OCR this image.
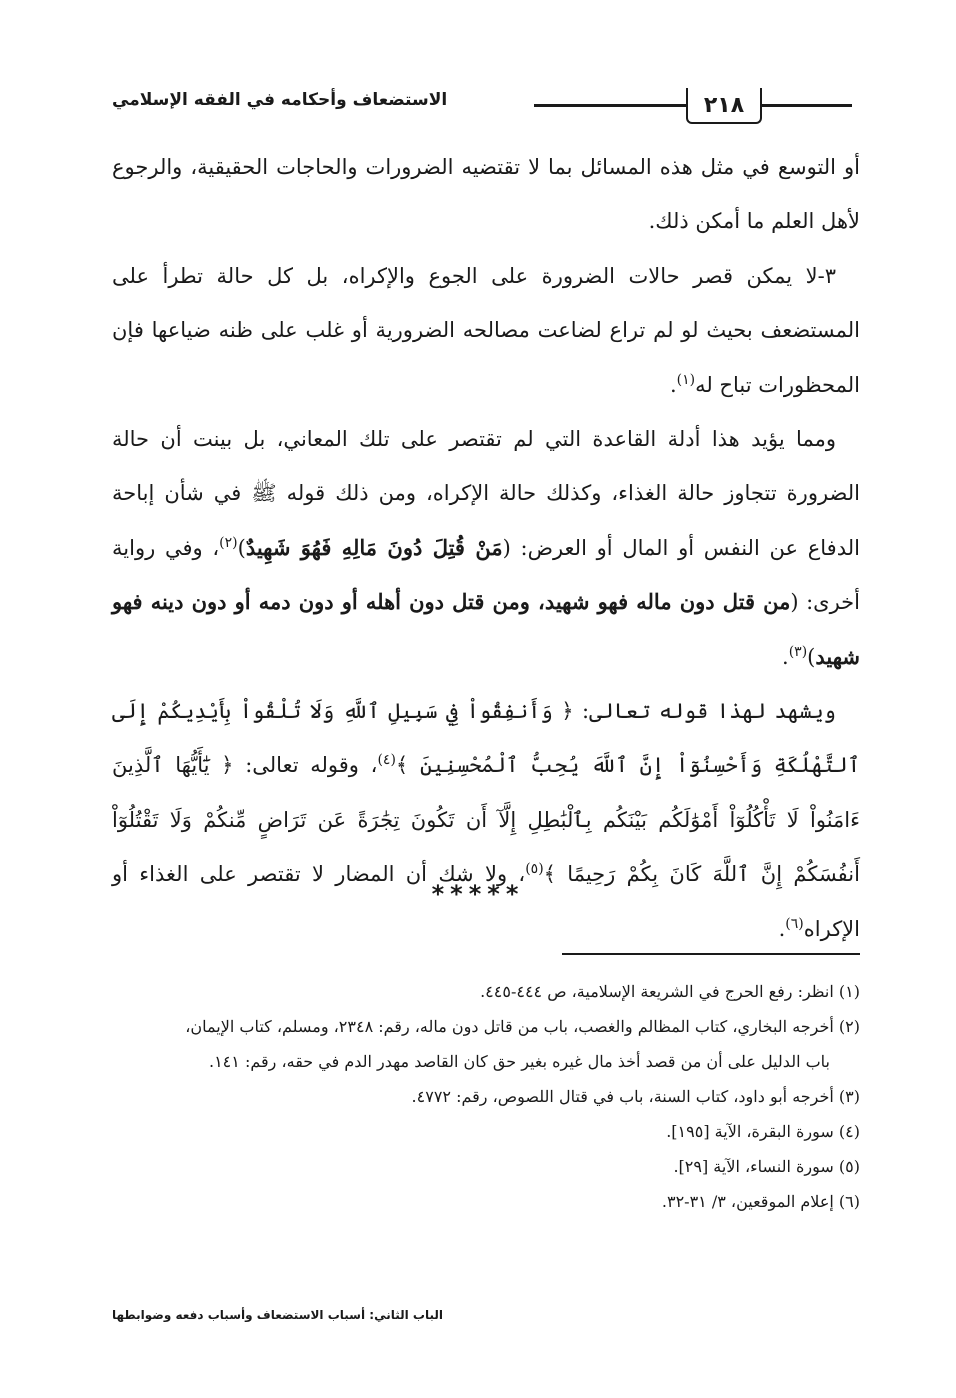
٢١٨
الاستضعاف وأحكامه في الفقه الإسلامي

أو التوسع في مثل هذه المسائل بما لا تقتضيه الضرورات والحاجات الحقيقية، والرجوع لأهل العلم ما أمكن ذلك.

٣-لا يمكن قصر حالات الضرورة على الجوع والإكراه، بل كل حالة تطرأ على المستضعف بحيث لو لم تراع لضاعت مصالحه الضرورية أو غلب على ظنه ضياعها فإن المحظورات تباح له$^{(١)}$.

ومما يؤيد هذا أدلة القاعدة التي لم تقتصر على تلك المعاني، بل بينت أن حالة الضرورة تتجاوز حالة الغذاء، وكذلك حالة الإكراه، ومن ذلك قوله ﷺ في شأن إباحة الدفاع عن النفس أو المال أو العرض: (مَنْ قُتِلَ دُونَ مَالِهِ فَهُوَ شَهِيدٌ)$^{(٢)}$، وفي رواية أخرى: (من قتل دون ماله فهو شهيد، ومن قتل دون أهله أو دون دمه أو دون دينه فهو شهيد)$^{(٣)}$.

ويشهد لهذا قوله تعالى: ﴿ وَأَنفِقُواْ فِي سَبِيلِ ٱللَّهِ وَلَا تُلْقُواْ بِأَيْدِيكُمْ إِلَى ٱلتَّهْلُكَةِ وَأَحْسِنُوٓاْ إِنَّ ٱللَّهَ يُحِبُّ ٱلْمُحْسِنِينَ ﴾$^{(٤)}$، وقوله تعالى: ﴿ يَٰٓأَيُّهَا ٱلَّذِينَ ءَامَنُواْ لَا تَأْكُلُوٓاْ أَمْوَٰلَكُم بَيْنَكُم بِٱلْبَٰطِلِ إِلَّآ أَن تَكُونَ تِجَٰرَةً عَن تَرَاضٍ مِّنكُمْ وَلَا تَقْتُلُوٓاْ أَنفُسَكُمْ إِنَّ ٱللَّهَ كَانَ بِكُمْ رَحِيمًا ﴾$^{(٥)}$، ولا شك أن المضار لا تقتصر على الغذاء أو الإكراه$^{(٦)}$.

*****

(١) انظر: رفع الحرج في الشريعة الإسلامية، ص ٤٤٤-٤٤٥.

(٢) أخرجه البخاري، كتاب المظالم والغصب، باب من قاتل دون ماله، رقم: ٢٣٤٨، ومسلم، كتاب الإيمان،

باب الدليل على أن من قصد أخذ مال غيره بغير حق كان القاصد مهدر الدم في حقه، رقم: ١٤١.

(٣) أخرجه أبو داود، كتاب السنة، باب في قتال اللصوص، رقم: ٤٧٧٢.

(٤) سورة البقرة، الآية [١٩٥].

(٥) سورة النساء، الآية [٢٩].

(٦) إعلام الموقعين، ٣/ ٣١-٣٢.

الباب الثاني: أسباب الاستضعاف وأسباب دفعه وضوابطها
